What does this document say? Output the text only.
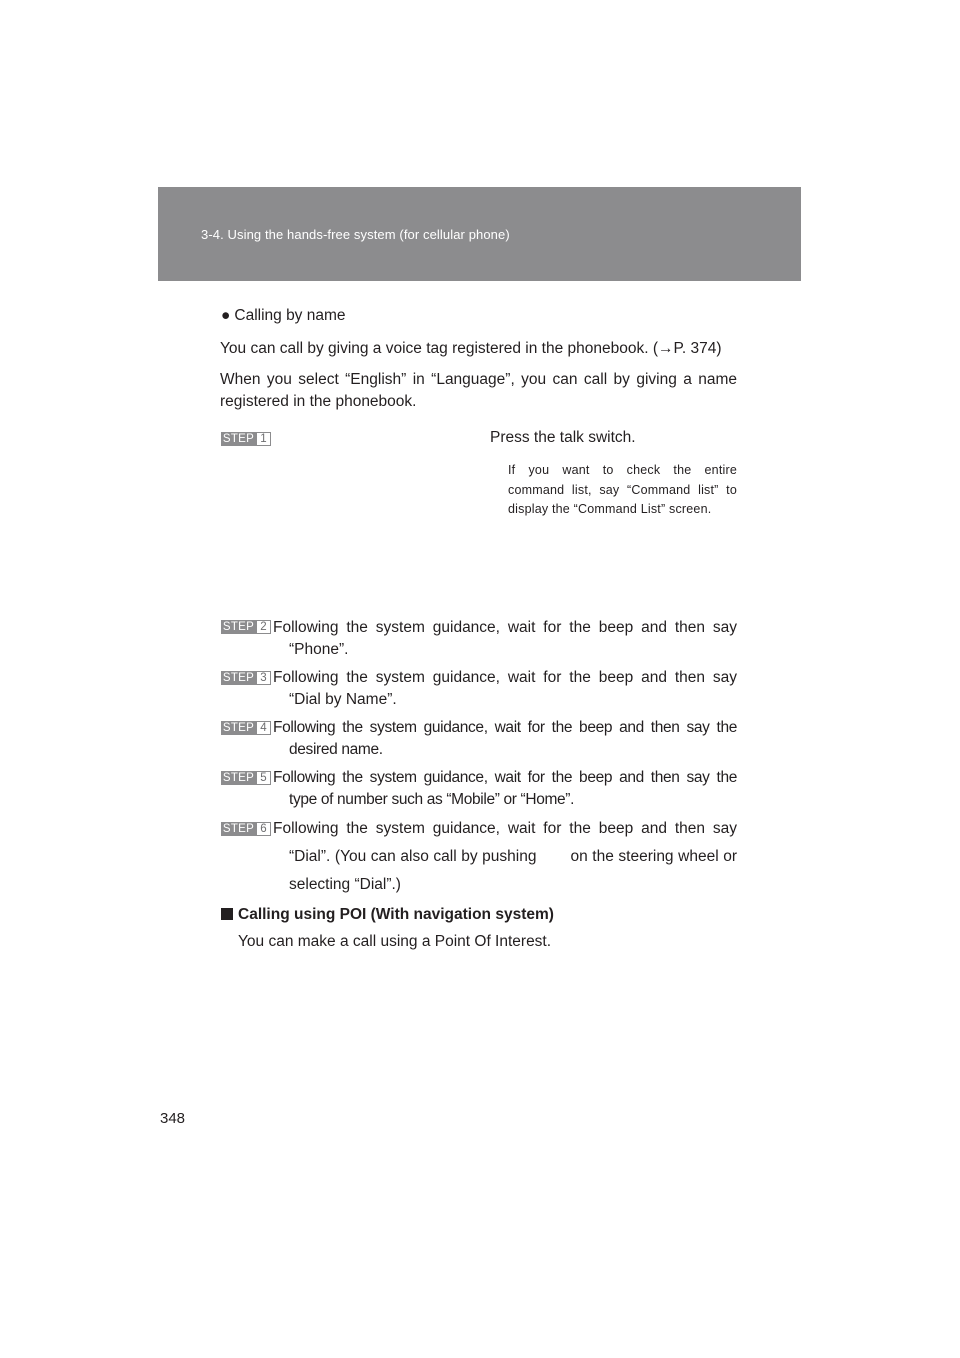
3-4. Using the hands-free system (for cellular phone)
● Calling by name

You can call by giving a voice tag registered in the phonebook. (→P. 374)

When you select “English” in “Language”, you can call by giving a name registered in the phonebook.

STEP 1	Press the talk switch.
If you want to check the entire command list, say “Command list” to display the “Command List” screen.
STEP 2 Following the system guidance, wait for the beep and then say
“Phone”.
STEP 3 Following the system guidance, wait for the beep and then say
“Dial by Name”.
STEP 4 Following the system guidance, wait for the beep and then say the
desired name.
STEP 5 Following the system guidance, wait for the beep and then say the
type of number such as “Mobile” or “Home”.
STEP 6 Following the system guidance, wait for the beep and then say
“Dial”. (You can also call by pushing on the steering wheel or
selecting “Dial”.)
Calling using POI (With navigation system)
You can make a call using a Point Of Interest.
348
